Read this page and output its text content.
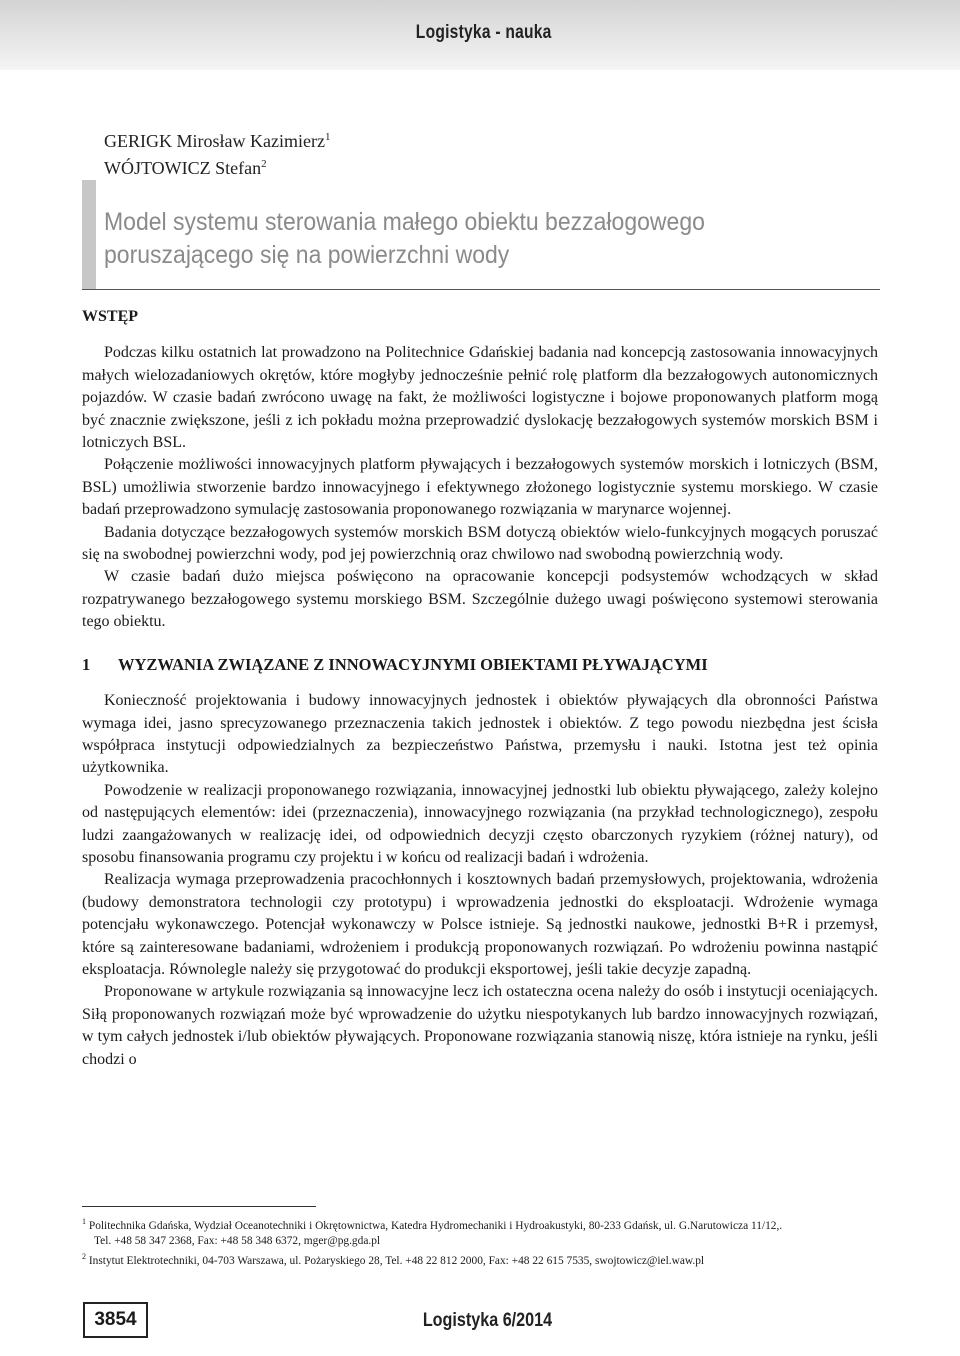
Logistyka - nauka
GERIGK Mirosław Kazimierz$^1$
WÓJTOWICZ Stefan$^2$
Model systemu sterowania małego obiektu bezzałogowego poruszającego się na powierzchni wody
WSTĘP

Podczas kilku ostatnich lat prowadzono na Politechnice Gdańskiej badania nad koncepcją zastosowania innowacyjnych małych wielozadaniowych okrętów, które mogłyby jednocześnie pełnić rolę platform dla bezzałogowych autonomicznych pojazdów. W czasie badań zwrócono uwagę na fakt, że możliwości logistyczne i bojowe proponowanych platform mogą być znacznie zwiększone, jeśli z ich pokładu można przeprowadzić dyslokację bezzałogowych systemów morskich BSM i lotniczych BSL.

Połączenie możliwości innowacyjnych platform pływających i bezzałogowych systemów morskich i lotniczych (BSM, BSL) umożliwia stworzenie bardzo innowacyjnego i efektywnego złożonego logistycznie systemu morskiego. W czasie badań przeprowadzono symulację zastosowania proponowanego rozwiązania w marynarce wojennej.

Badania dotyczące bezzałogowych systemów morskich BSM dotyczą obiektów wielo-funkcyjnych mogących poruszać się na swobodnej powierzchni wody, pod jej powierzchnią oraz chwilowo nad swobodną powierzchnią wody.

W czasie badań dużo miejsca poświęcono na opracowanie koncepcji podsystemów wchodzących w skład rozpatrywanego bezzałogowego systemu morskiego BSM. Szczególnie dużego uwagi poświęcono systemowi sterowania tego obiektu.

1 WYZWANIA ZWIĄZANE Z INNOWACYJNYMI OBIEKTAMI PŁYWAJĄCYMI

Konieczność projektowania i budowy innowacyjnych jednostek i obiektów pływających dla obronności Państwa wymaga idei, jasno sprecyzowanego przeznaczenia takich jednostek i obiektów. Z tego powodu niezbędna jest ścisła współpraca instytucji odpowiedzialnych za bezpieczeństwo Państwa, przemysłu i nauki. Istotna jest też opinia użytkownika.

Powodzenie w realizacji proponowanego rozwiązania, innowacyjnej jednostki lub obiektu pływającego, zależy kolejno od następujących elementów: idei (przeznaczenia), innowacyjnego rozwiązania (na przykład technologicznego), zespołu ludzi zaangażowanych w realizację idei, od odpowiednich decyzji często obarczonych ryzykiem (różnej natury), od sposobu finansowania programu czy projektu i w końcu od realizacji badań i wdrożenia.

Realizacja wymaga przeprowadzenia pracochłonnych i kosztownych badań przemysłowych, projektowania, wdrożenia (budowy demonstratora technologii czy prototypu) i wprowadzenia jednostki do eksploatacji. Wdrożenie wymaga potencjału wykonawczego. Potencjał wykonawczy w Polsce istnieje. Są jednostki naukowe, jednostki B+R i przemysł, które są zainteresowane badaniami, wdrożeniem i produkcją proponowanych rozwiązań. Po wdrożeniu powinna nastąpić eksploatacja. Równolegle należy się przygotować do produkcji eksportowej, jeśli takie decyzje zapadną.

Proponowane w artykule rozwiązania są innowacyjne lecz ich ostateczna ocena należy do osób i instytucji oceniających. Siłą proponowanych rozwiązań może być wprowadzenie do użytku niespotykanych lub bardzo innowacyjnych rozwiązań, w tym całych jednostek i/lub obiektów pływających. Proponowane rozwiązania stanowią niszę, która istnieje na rynku, jeśli chodzi o

$^1$ Politechnika Gdańska, Wydział Oceanotechniki i Okrętownictwa, Katedra Hydromechaniki i Hydroakustyki, 80-233 Gdańsk, ul. G.Narutowicza 11/12,.
Tel. +48 58 347 2368, Fax: +48 58 348 6372, mger@pg.gda.pl
$^2$ Instytut Elektrotechniki, 04-703 Warszawa, ul. Pożaryskiego 28, Tel. +48 22 812 2000, Fax: +48 22 615 7535, swojtowicz@iel.waw.pl
3854	Logistyka 6/2014
